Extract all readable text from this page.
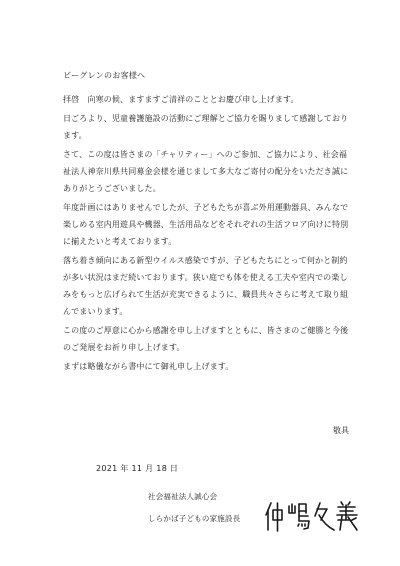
ビーグレンのお客様へ

拝啓　向寒の候、ますますご清祥のこととお慶び申し上げます。

日ごろより、児童養護施設の活動にご理解とご協力を賜りまして感謝しております。

さて、この度は皆さまの「チャリティー」へのご参加、ご協力により、社会福祉法人神奈川県共同募金会様を通じまして多大なご寄付の配分をいただき誠にありがとうございました。

年度計画にはありませんでしたが、子どもたちが喜ぶ外用運動器具、みんなで楽しめる室内用遊具や機器、生活用品などをそれぞれの生活フロア向けに特別に揃えたいと考えております。

落ち着き傾向にある新型ウイルス感染ですが、子どもたちにとって何かと制約が多い状況はまだ続いております。狭い庭でも体を使える工夫や室内での楽しみをもっと広げられて生活が充実できるように、職員共々さらに考えて取り組んでまいります。

この度のご厚意に心から感謝を申し上げますとともに、皆さまのご健勝と今後のご発展をお祈り申し上げます。

まずは略儀ながら書中にて御礼申し上げます。

敬具
2021 年 11 月 18 日
社会福祉法人誠心会
しらかば子どもの家施設長
